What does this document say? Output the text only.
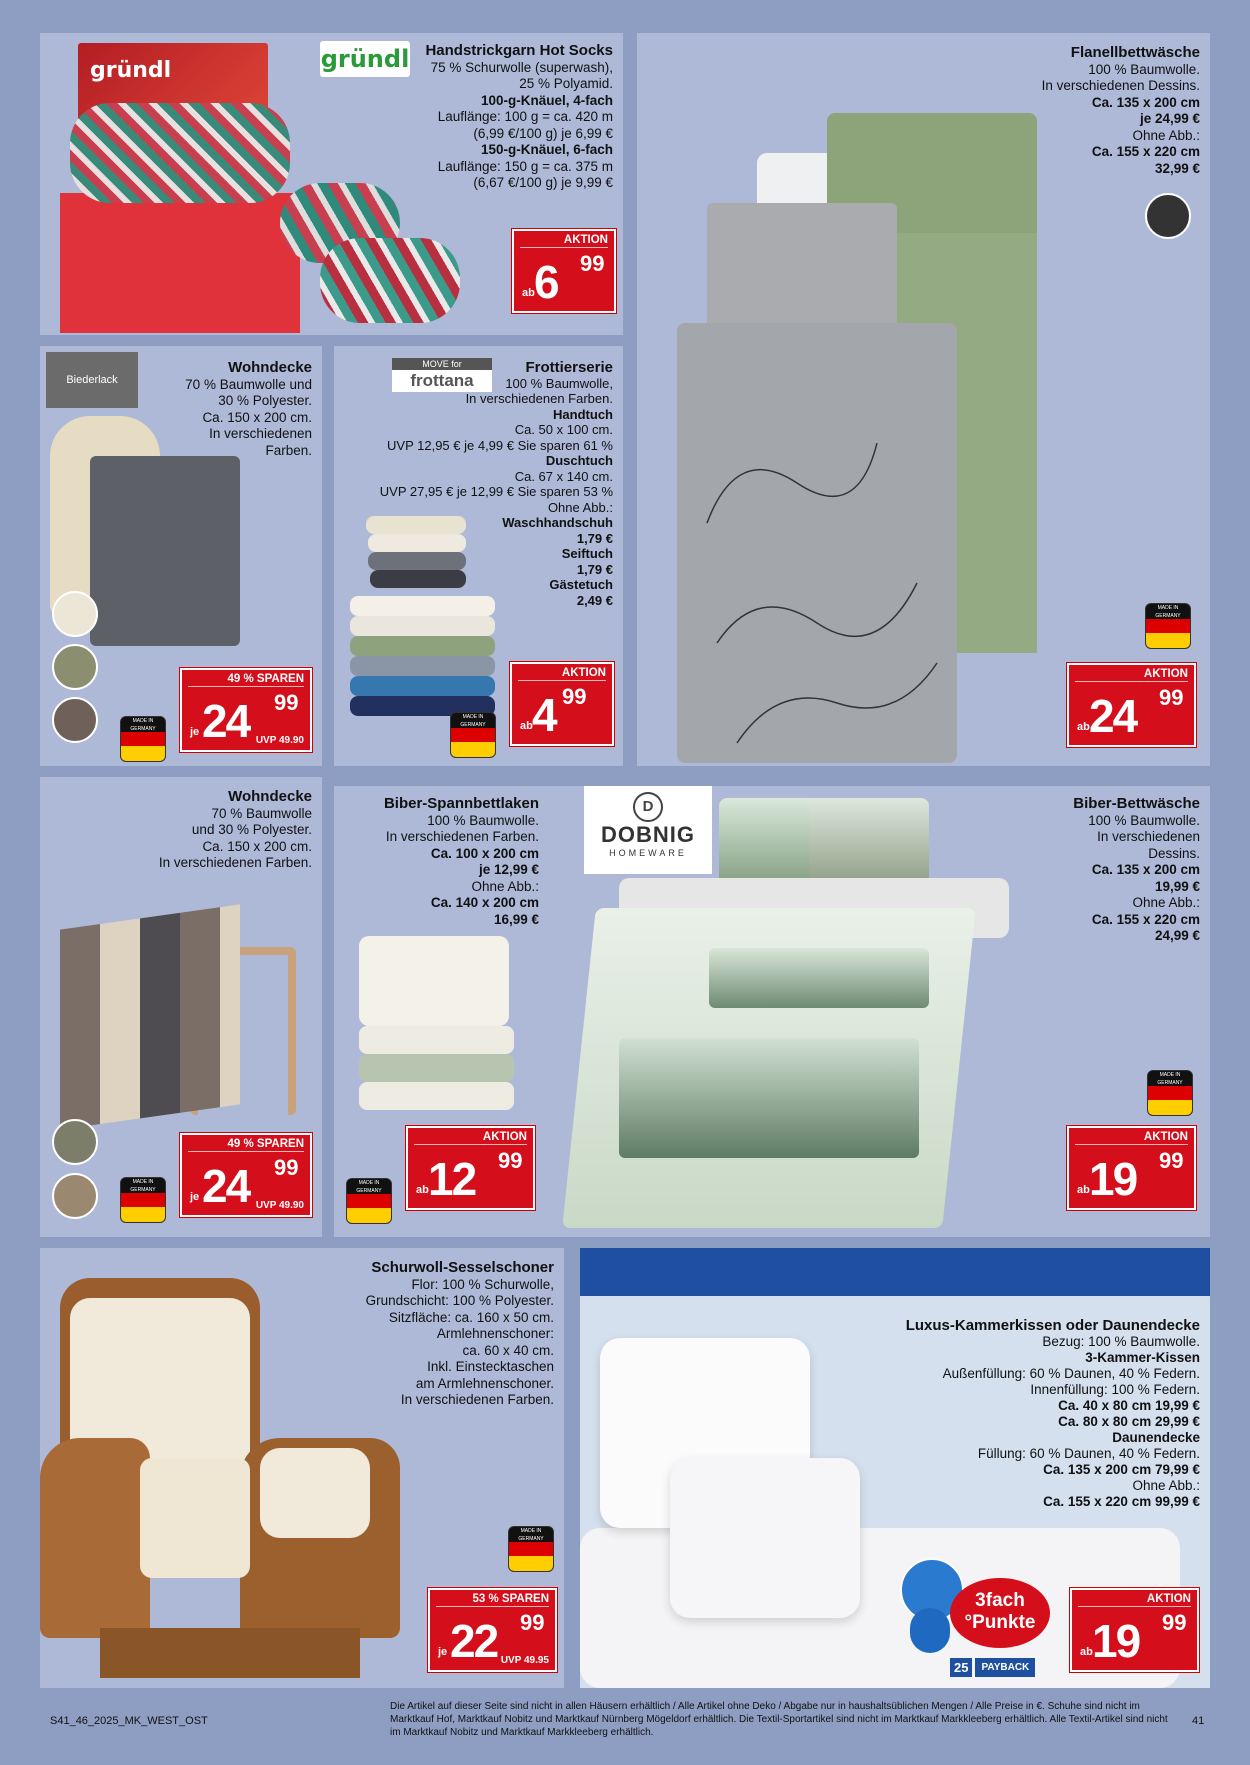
gründl	gründl	Handstrickgarn Hot Socks
75 % Schurwolle (superwash),
25 % Polyamid.
100-g-Knäuel, 4-fach
Lauflänge: 100 g = ca. 420 m
(6,99 €/100 g) je 6,99 €
150-g-Knäuel, 6-fach
Lauflänge: 150 g = ca. 375 m
(6,67 €/100 g) je 9,99 €
AKTION
ab 6 99
Flanellbettwäsche
100 % Baumwolle.
In verschiedenen Dessins.
Ca. 135 x 200 cm
je 24,99 €
Ohne Abb.:
Ca. 155 x 220 cm
32,99 €
MADE IN GERMANY
AKTION
ab 24 99
Biederlack
Wohndecke
70 % Baumwolle und
30 % Polyester.
Ca. 150 x 200 cm.
In verschiedenen
Farben.
MADE IN GERMANY
49 % SPAREN
je 24 99
UVP 49.90
MOVE for
frottana
Frottierserie
100 % Baumwolle,
In verschiedenen Farben.
Handtuch
Ca. 50 x 100 cm.
UVP 12,95 € je 4,99 € Sie sparen 61 %
Duschtuch
Ca. 67 x 140 cm.
UVP 27,95 € je 12,99 € Sie sparen 53 %
Ohne Abb.:
Waschhandschuh
1,79 €
Seiftuch
1,79 €
Gästetuch
2,49 €
MADE IN GERMANY
AKTION
ab 4 99
Wohndecke
70 % Baumwolle
und 30 % Polyester.
Ca. 150 x 200 cm.
In verschiedenen Farben.
MADE IN GERMANY
49 % SPAREN
je 24 99
UVP 49.90
Biber-Spannbettlaken
100 % Baumwolle.
In verschiedenen Farben.
Ca. 100 x 200 cm
je 12,99 €
Ohne Abb.:
Ca. 140 x 200 cm
16,99 €
MADE IN GERMANY
AKTION
ab 12 99
D
DOBNIG
HOMEWARE
Biber-Bettwäsche
100 % Baumwolle.
In verschiedenen
Dessins.
Ca. 135 x 200 cm
19,99 €
Ohne Abb.:
Ca. 155 x 220 cm
24,99 €
MADE IN GERMANY
AKTION
ab 19 99
Schurwoll-Sesselschoner
Flor: 100 % Schurwolle,
Grundschicht: 100 % Polyester.
Sitzfläche: ca. 160 x 50 cm.
Armlehnenschoner:
ca. 60 x 40 cm.
Inkl. Einstecktaschen
am Armlehnenschoner.
In verschiedenen Farben.
MADE IN GERMANY
53 % SPAREN
je 22 99
UVP 49.95
Luxus-Kammerkissen oder Daunendecke
Bezug: 100 % Baumwolle.
3-Kammer-Kissen
Außenfüllung: 60 % Daunen, 40 % Federn.
Innenfüllung: 100 % Federn.
Ca. 40 x 80 cm 19,99 €
Ca. 80 x 80 cm 29,99 €
Daunendecke
Füllung: 60 % Daunen, 40 % Federn.
Ca. 135 x 200 cm 79,99 €
Ohne Abb.:
Ca. 155 x 220 cm 99,99 €
3fach
°Punkte
25	PAYBACK
AKTION
ab 19 99
S41_46_2025_MK_WEST_OST
Die Artikel auf dieser Seite sind nicht in allen Häusern erhältlich / Alle Artikel ohne Deko / Abgabe nur in haushaltsüblichen Mengen / Alle Preise in €. Schuhe sind nicht im Marktkauf Hof, Marktkauf Nobitz und Marktkauf Nürnberg Mögeldorf erhältlich. Die Textil-Sportartikel sind nicht im Marktkauf Markkleeberg erhältlich. Alle Textil-Artikel sind nicht im Marktkauf Nobitz und Marktkauf Markkleeberg erhältlich.
41
